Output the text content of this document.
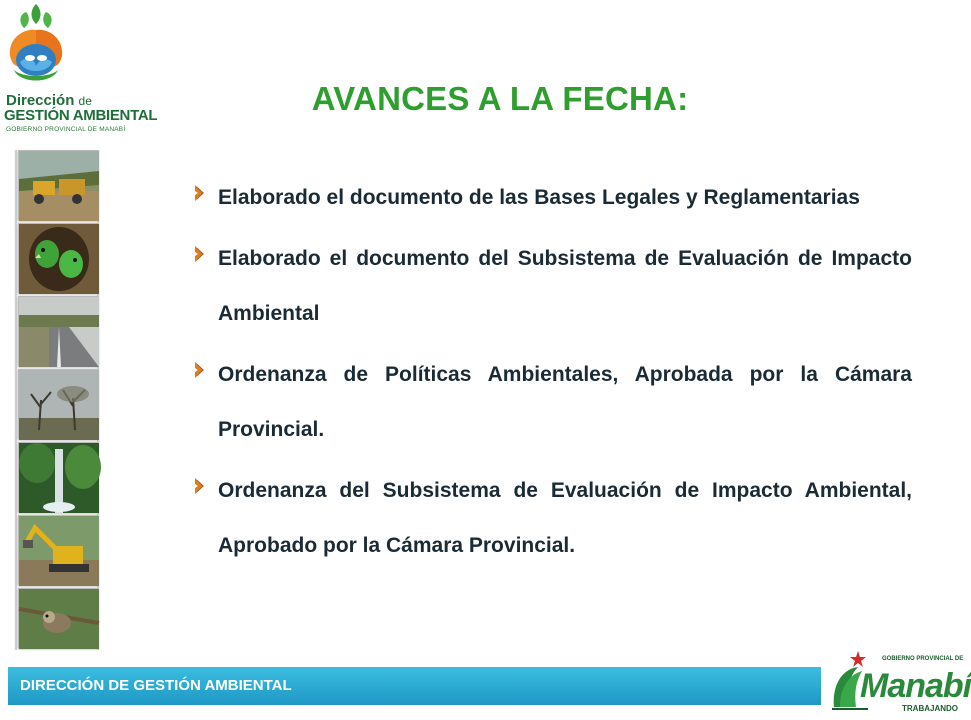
Dirección de
GESTIÓN AMBIENTAL
GOBIERNO PROVINCIAL DE MANABÍ
AVANCES A LA FECHA:
Elaborado el documento de las Bases Legales y Reglamentarias
Elaborado el documento del Subsistema de Evaluación de Impacto Ambiental
Ordenanza de Políticas Ambientales, Aprobada por la Cámara Provincial.
Ordenanza del Subsistema de Evaluación de Impacto Ambiental, Aprobado por la Cámara Provincial.
DIRECCIÓN DE GESTIÓN AMBIENTAL
GOBIERNO PROVINCIAL DE
Manabí
TRABAJANDO
